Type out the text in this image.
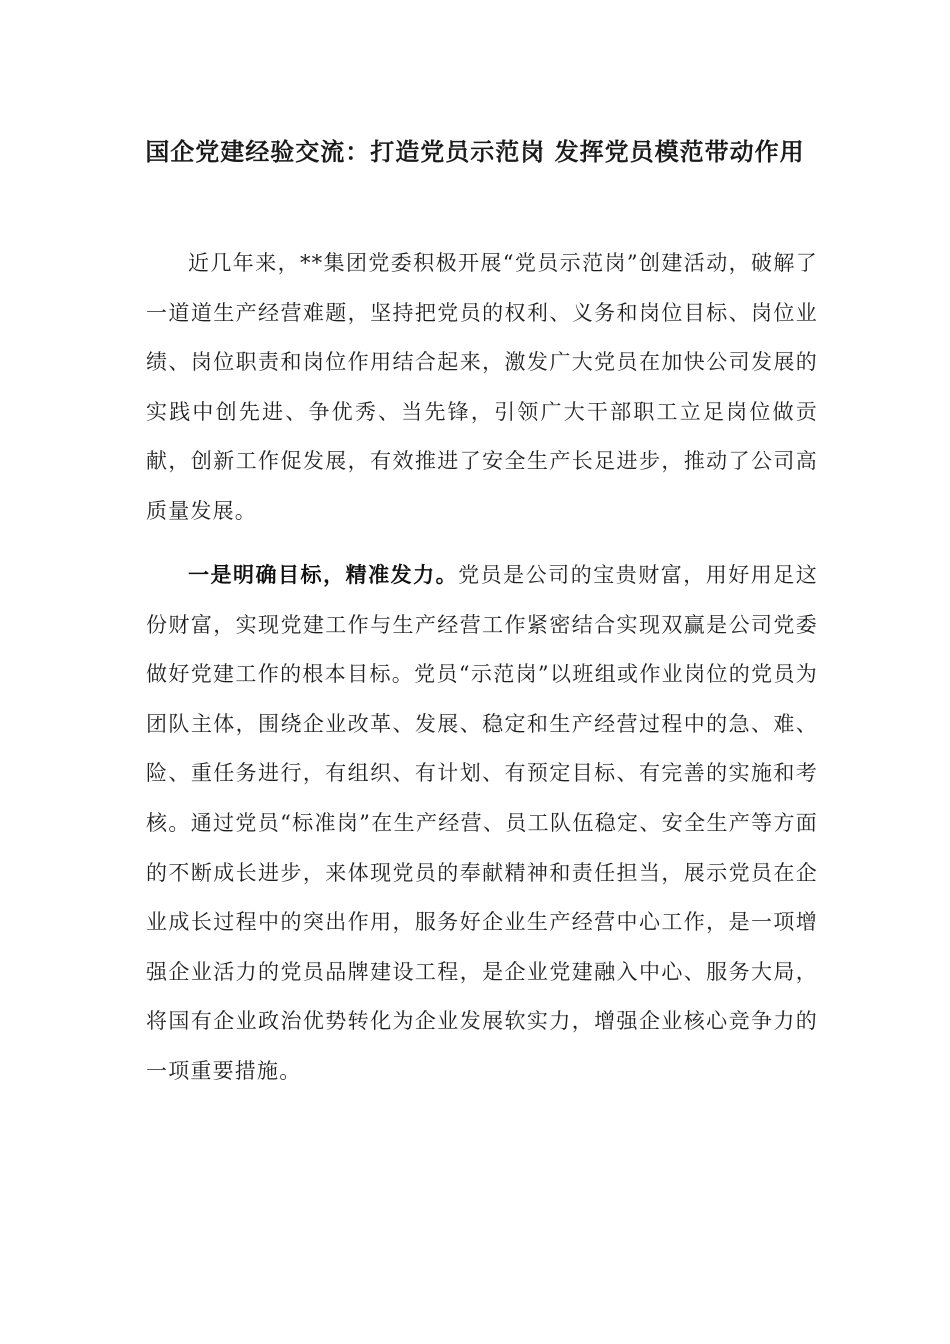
国企党建经验交流：打造党员示范岗 发挥党员模范带动作用

近几年来，**集团党委积极开展“党员示范岗”创建活动，破解了一道道生产经营难题，坚持把党员的权利、义务和岗位目标、岗位业绩、岗位职责和岗位作用结合起来，激发广大党员在加快公司发展的实践中创先进、争优秀、当先锋，引领广大干部职工立足岗位做贡献，创新工作促发展，有效推进了安全生产长足进步，推动了公司高质量发展。

一是明确目标，精准发力。党员是公司的宝贵财富，用好用足这份财富，实现党建工作与生产经营工作紧密结合实现双赢是公司党委做好党建工作的根本目标。党员“示范岗”以班组或作业岗位的党员为团队主体，围绕企业改革、发展、稳定和生产经营过程中的急、难、险、重任务进行，有组织、有计划、有预定目标、有完善的实施和考核。通过党员“标准岗”在生产经营、员工队伍稳定、安全生产等方面的不断成长进步，来体现党员的奉献精神和责任担当，展示党员在企业成长过程中的突出作用，服务好企业生产经营中心工作，是一项增强企业活力的党员品牌建设工程，是企业党建融入中心、服务大局，将国有企业政治优势转化为企业发展软实力，增强企业核心竞争力的一项重要措施。
